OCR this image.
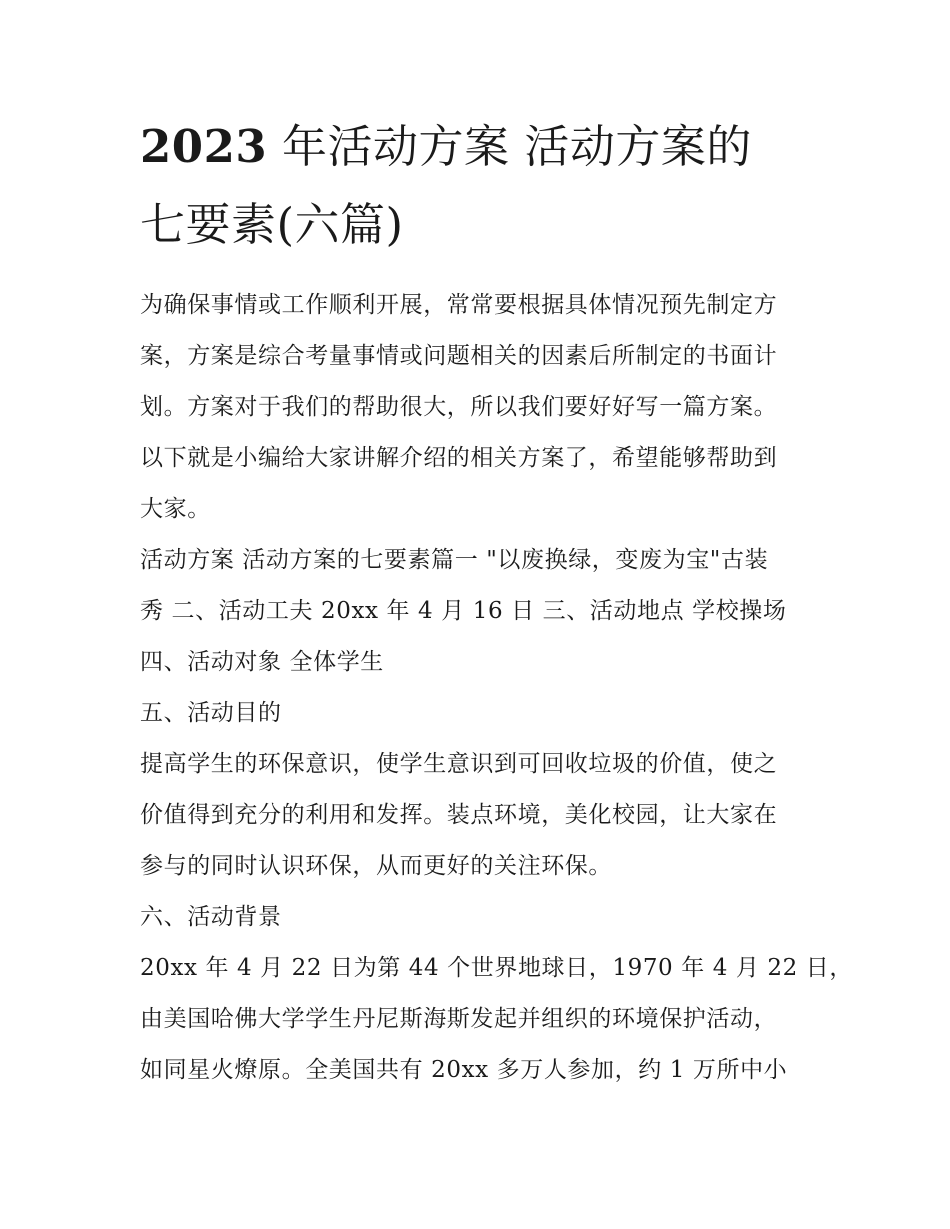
2023 年活动方案 活动方案的
七要素(六篇)

为确保事情或工作顺利开展，常常要根据具体情况预先制定方
案，方案是综合考量事情或问题相关的因素后所制定的书面计
划。方案对于我们的帮助很大，所以我们要好好写一篇方案。
以下就是小编给大家讲解介绍的相关方案了，希望能够帮助到
大家。

活动方案 活动方案的七要素篇一 "以废换绿，变废为宝"古装
秀 二、活动工夫 20xx 年 4 月 16 日 三、活动地点 学校操场

四、活动对象 全体学生

五、活动目的

提高学生的环保意识，使学生意识到可回收垃圾的价值，使之
价值得到充分的利用和发挥。装点环境，美化校园，让大家在
参与的同时认识环保，从而更好的关注环保。

六、活动背景

20xx 年 4 月 22 日为第 44 个世界地球日，1970 年 4 月 22 日，
由美国哈佛大学学生丹尼斯海斯发起并组织的环境保护活动，
如同星火燎原。全美国共有 20xx 多万人参加，约 1 万所中小
